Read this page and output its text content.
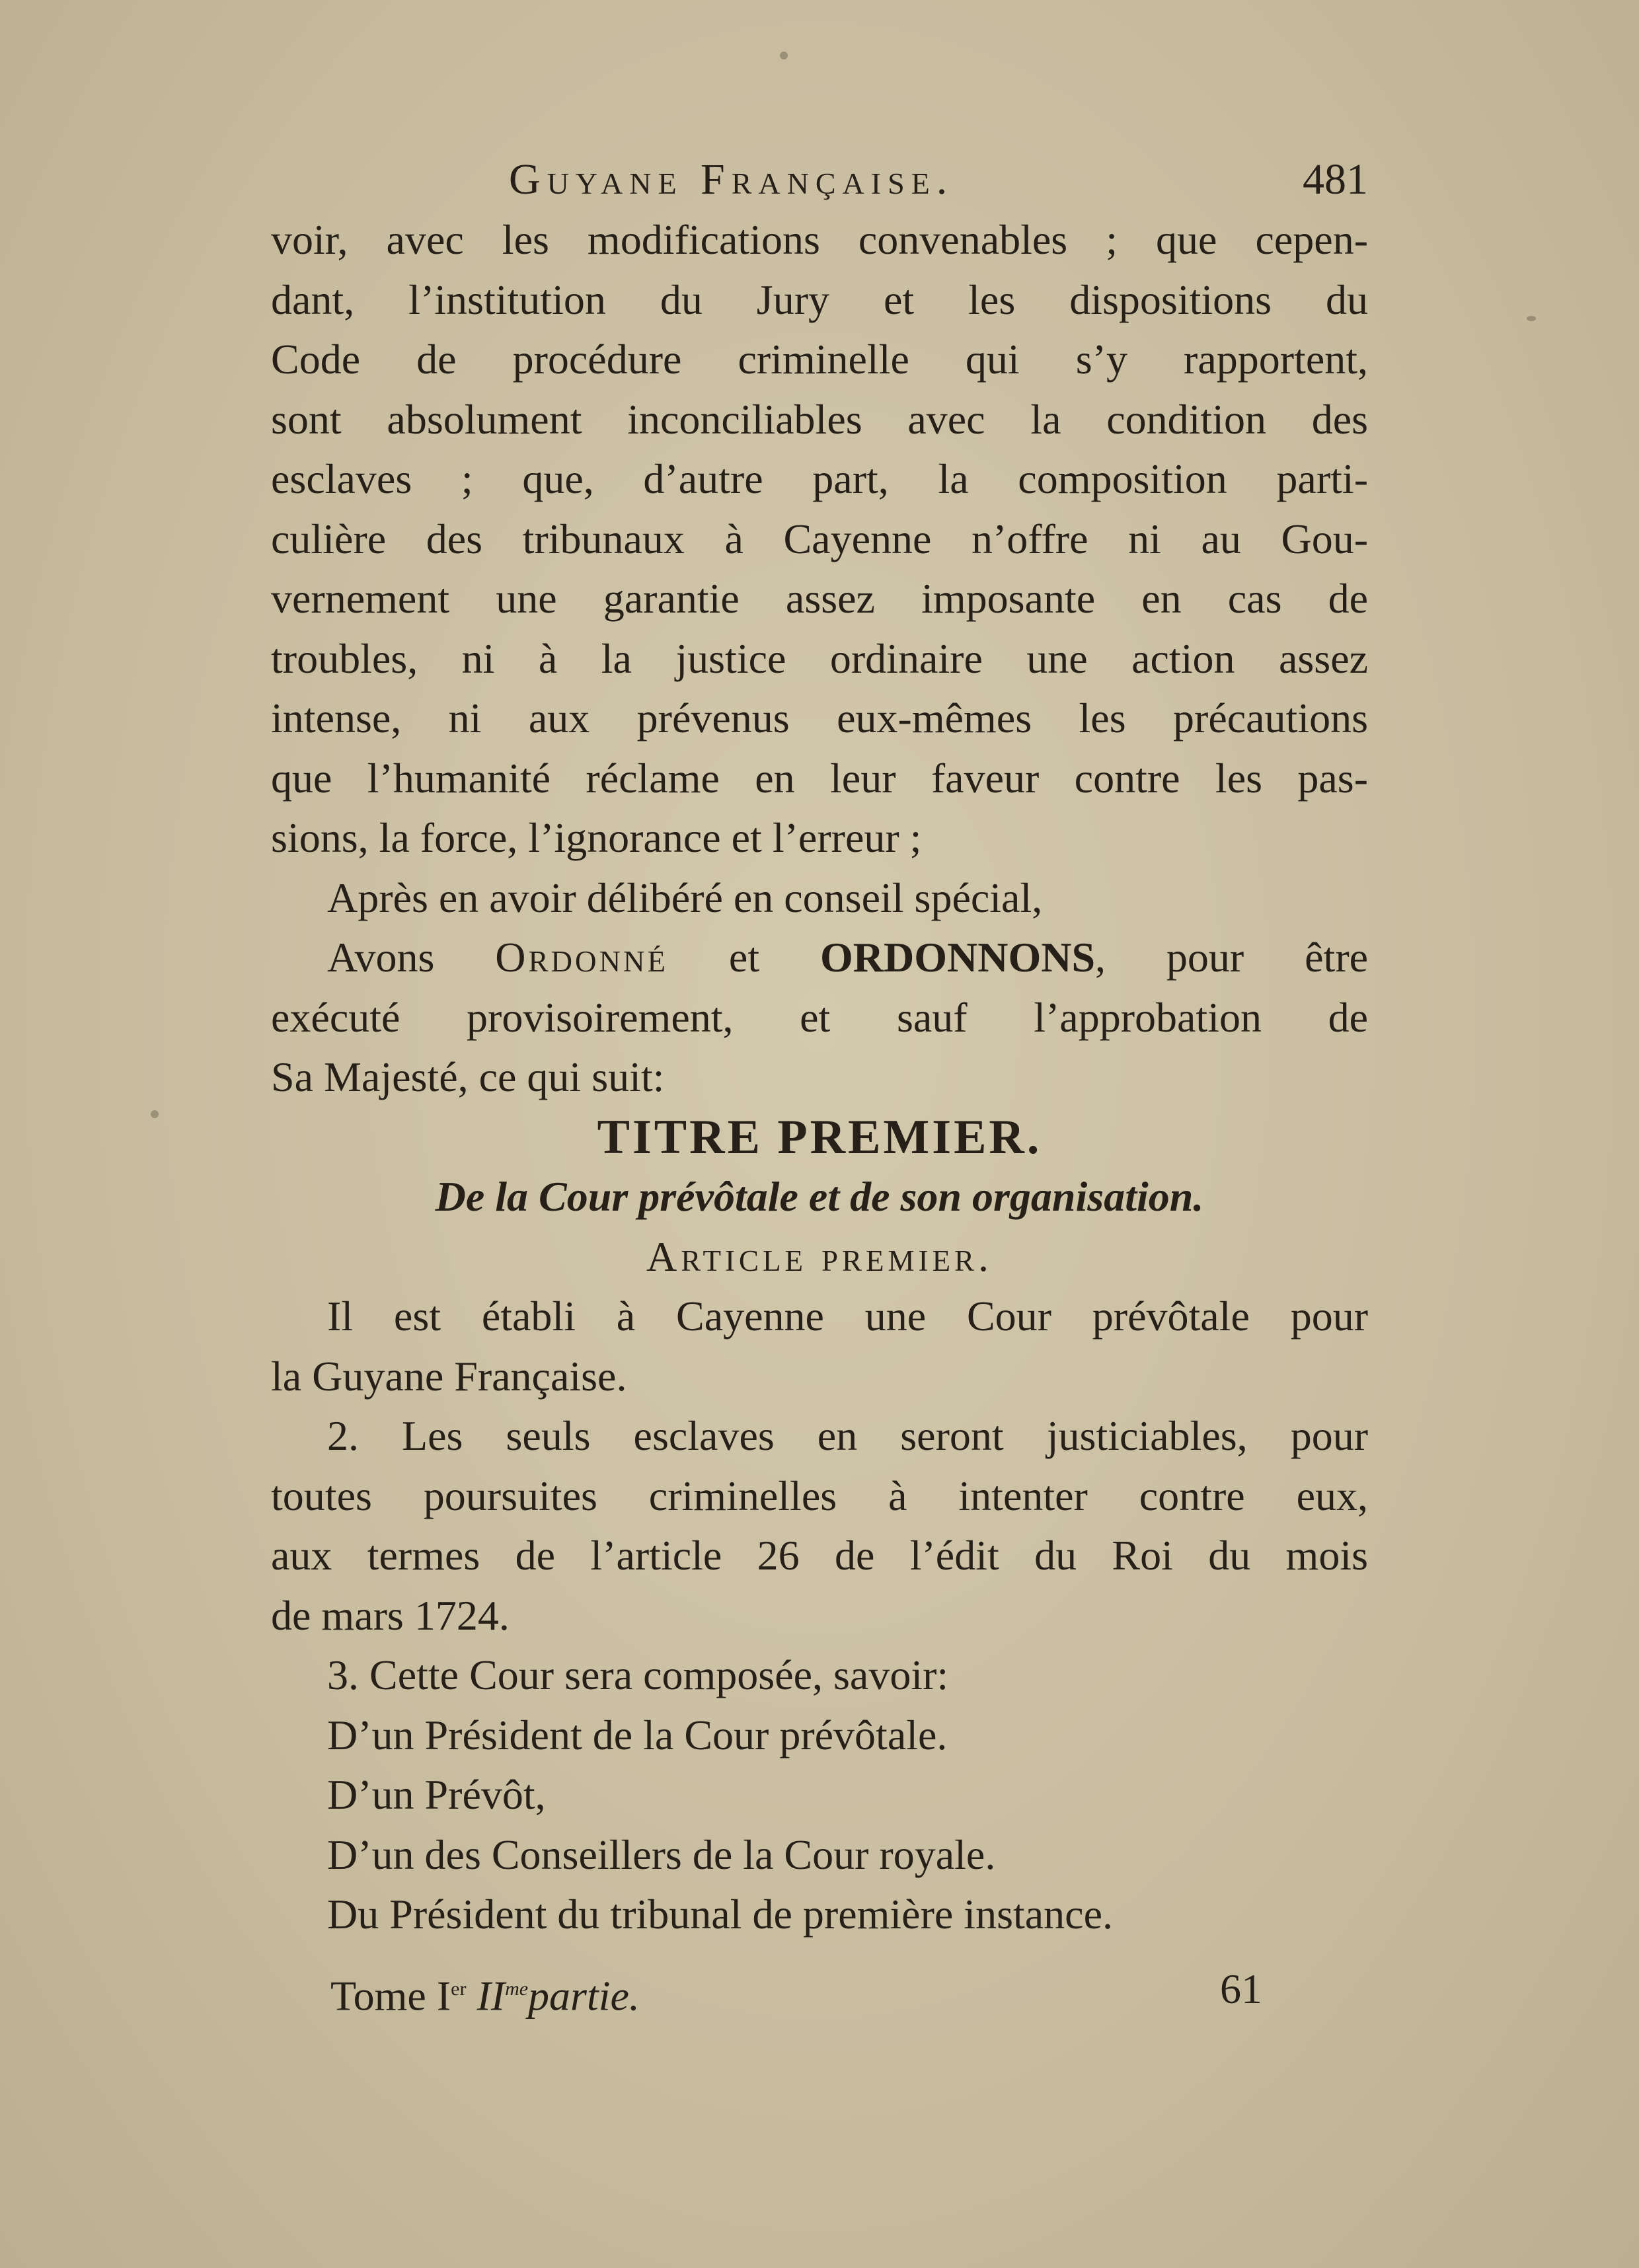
Guyane Française.	481
voir, avec les modifications convenables ; que cepen-
dant, l’institution du Jury et les dispositions du
Code de procédure criminelle qui s’y rapportent,
sont absolument inconciliables avec la condition des
esclaves ; que, d’autre part, la composition parti-
culière des tribunaux à Cayenne n’offre ni au Gou-
vernement une garantie assez imposante en cas de
troubles, ni à la justice ordinaire une action assez
intense, ni aux prévenus eux-mêmes les précautions
que l’humanité réclame en leur faveur contre les pas-
sions, la force, l’ignorance et l’erreur ;
Après en avoir délibéré en conseil spécial,
Avons Ordonné et ORDONNONS, pour être
exécuté provisoirement, et sauf l’approbation de
Sa Majesté, ce qui suit:
TITRE PREMIER.
De la Cour prévôtale et de son organisation.
Article premier.
Il est établi à Cayenne une Cour prévôtale pour
la Guyane Française.
2. Les seuls esclaves en seront justiciables, pour
toutes poursuites criminelles à intenter contre eux,
aux termes de l’article 26 de l’édit du Roi du mois
de mars 1724.
3. Cette Cour sera composée, savoir:
D’un Président de la Cour prévôtale.
D’un Prévôt,
D’un des Conseillers de la Cour royale.
Du Président du tribunal de première instance.
Tome Ier $II^{me}partie$.	61
